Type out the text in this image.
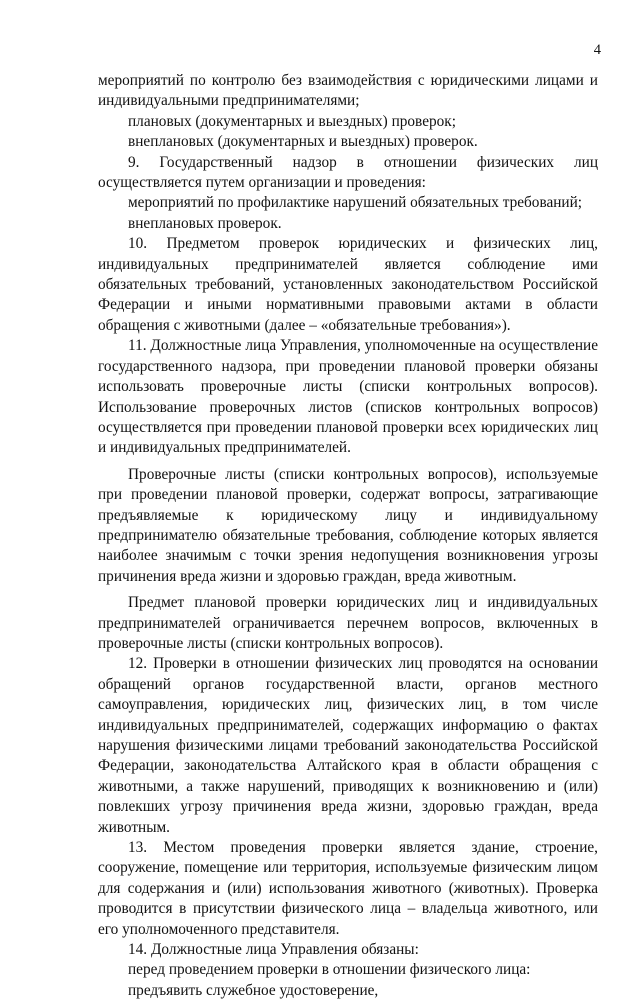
4

мероприятий по контролю без взаимодействия с юридическими лицами и индивидуальными предпринимателями;

плановых (документарных и выездных) проверок;

внеплановых (документарных и выездных) проверок.

9. Государственный надзор в отношении физических лиц осуществляется путем организации и проведения:

мероприятий по профилактике нарушений обязательных требований;

внеплановых проверок.

10. Предметом проверок юридических и физических лиц, индивидуальных предпринимателей является соблюдение ими обязательных требований, установленных законодательством Российской Федерации и иными нормативными правовыми актами в области обращения с животными (далее – «обязательные требования»).

11. Должностные лица Управления, уполномоченные на осуществление государственного надзора, при проведении плановой проверки обязаны использовать проверочные листы (списки контрольных вопросов). Использование проверочных листов (списков контрольных вопросов) осуществляется при проведении плановой проверки всех юридических лиц и индивидуальных предпринимателей.

Проверочные листы (списки контрольных вопросов), используемые при проведении плановой проверки, содержат вопросы, затрагивающие предъявляемые к юридическому лицу и индивидуальному предпринимателю обязательные требования, соблюдение которых является наиболее значимым с точки зрения недопущения возникновения угрозы причинения вреда жизни и здоровью граждан, вреда животным.

Предмет плановой проверки юридических лиц и индивидуальных предпринимателей ограничивается перечнем вопросов, включенных в проверочные листы (списки контрольных вопросов).

12. Проверки в отношении физических лиц проводятся на основании обращений органов государственной власти, органов местного самоуправления, юридических лиц, физических лиц, в том числе индивидуальных предпринимателей, содержащих информацию о фактах нарушения физическими лицами требований законодательства Российской Федерации, законодательства Алтайского края в области обращения с животными, а также нарушений, приводящих к возникновению и (или) повлекших угрозу причинения вреда жизни, здоровью граждан, вреда животным.

13. Местом проведения проверки является здание, строение, сооружение, помещение или территория, используемые физическим лицом для содержания и (или) использования животного (животных). Проверка проводится в присутствии физического лица – владельца животного, или его уполномоченного представителя.

14. Должностные лица Управления обязаны:

перед проведением проверки в отношении физического лица:

предъявить служебное удостоверение,
